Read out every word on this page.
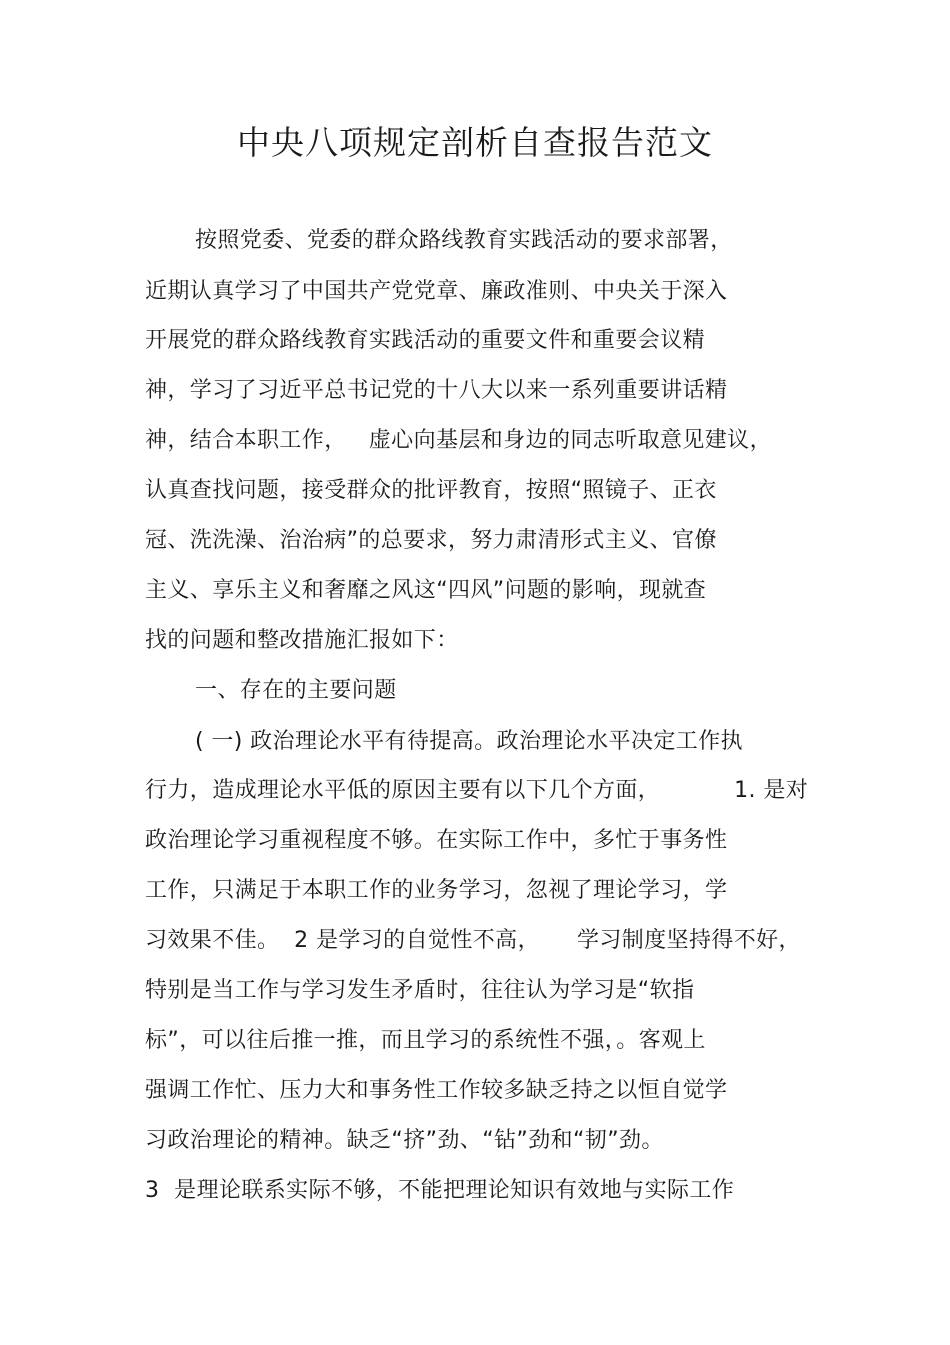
中央八项规定剖析自查报告范文
按照党委、党委的群众路线教育实践活动的要求部署，
近期认真学习了中国共产党党章、廉政准则、中央关于深入
开展党的群众路线教育实践活动的重要文件和重要会议精
神，学习了习近平总书记党的十八大以来一系列重要讲话精
神，结合本职工作，   虚心向基层和身边的同志听取意见建议，
认真查找问题，接受群众的批评教育，按照“照镜子、正衣
冠、洗洗澡、治治病”的总要求，努力肃清形式主义、官僚
主义、享乐主义和奢靡之风这“四风”问题的影响，现就查
找的问题和整改措施汇报如下：
一、存在的主要问题
( 一) 政治理论水平有待提高。政治理论水平决定工作执
行力，造成理论水平低的原因主要有以下几个方面，          1. 是对
政治理论学习重视程度不够。在实际工作中，多忙于事务性
工作，只满足于本职工作的业务学习，忽视了理论学习，学
习效果不佳。  2 是学习的自觉性不高，     学习制度坚持得不好，
特别是当工作与学习发生矛盾时，往往认为学习是“软指
标”，可以往后推一推，而且学习的系统性不强，。客观上
强调工作忙、压力大和事务性工作较多缺乏持之以恒自觉学
习政治理论的精神。缺乏“挤”劲、“钻”劲和“韧”劲。
3  是理论联系实际不够，不能把理论知识有效地与实际工作
